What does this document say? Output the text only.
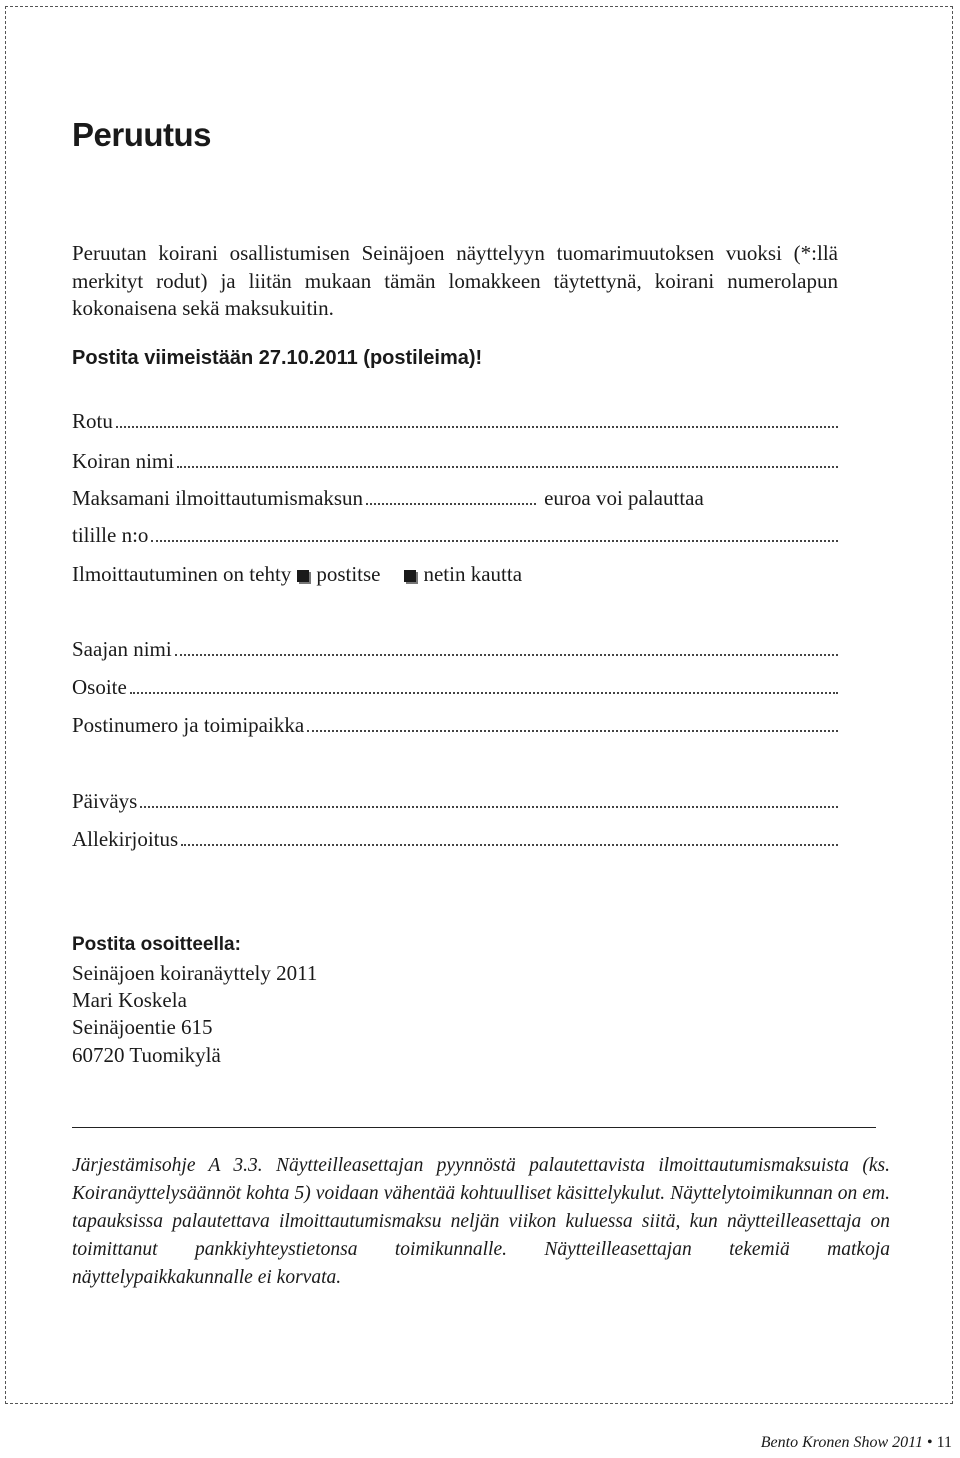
Peruutus

Peruutan koirani osallistumisen Seinäjoen näyttelyyn tuomarimuutoksen vuoksi (*:llä merkityt rodut) ja liitän mukaan tämän lomakkeen täytettynä, koirani numerolapun kokonaisena sekä maksukuitin.

Postita viimeistään 27.10.2011 (postileima)!
Rotu
Koiran nimi
Maksamani ilmoittautumismaksun	euroa voi palauttaa
tilille n:o
Ilmoittautuminen on tehty postitse netin kautta
Saajan nimi
Osoite
Postinumero ja toimipaikka
Päiväys
Allekirjoitus
Postita osoitteella:
Seinäjoen koiranäyttely 2011
Mari Koskela
Seinäjoentie 615
60720 Tuomikylä

Järjestämisohje A 3.3. Näytteilleasettajan pyynnöstä palautettavista ilmoittautumismaksuista (ks. Koiranäyttelysäännöt kohta 5) voidaan vähentää kohtuulliset käsittelykulut. Näyttelytoimikunnan on em. tapauksissa palautettava ilmoittautumismaksu neljän viikon kuluessa siitä, kun näytteilleasettaja on toimittanut pankkiyhteystietonsa toimikunnalle. Näytteilleasettajan tekemiä matkoja näyttelypaikkakunnalle ei korvata.

Bento Kronen Show 2011 • 11
